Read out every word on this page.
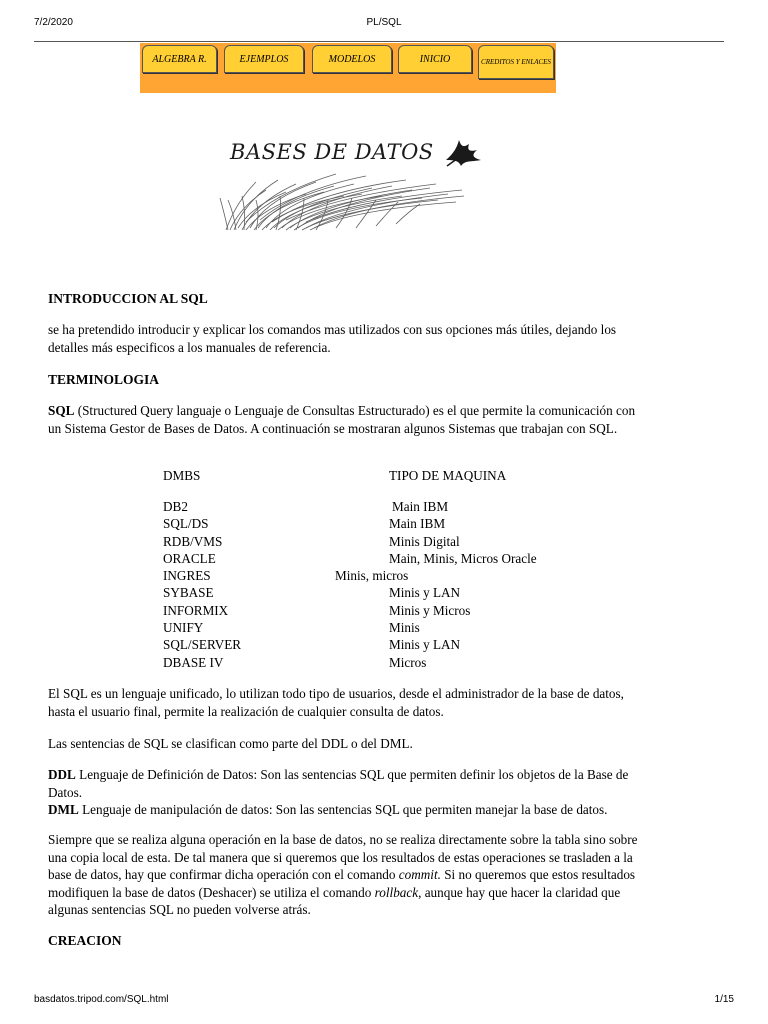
7/2/2020	PL/SQL
ALGEBRA R.	EJEMPLOS	MODELOS	INICIO	CREDITOS Y ENLACES
BASES DE DATOS
INTRODUCCION AL SQL

se ha pretendido introducir y explicar los comandos mas utilizados con sus opciones más útiles, dejando los detalles más especificos a los manuales de referencia.

TERMINOLOGIA

SQL (Structured Query languaje o Lenguaje de Consultas Estructurado) es el que permite la comunicación con un Sistema Gestor de Bases de Datos. A continuación se mostraran algunos Sistemas que trabajan con SQL.

DMBS	TIPO DE MAQUINA
DB2	Main IBM
SQL/DS	Main IBM
RDB/VMS	Minis Digital
ORACLE	Main, Minis, Micros Oracle
INGRES	Minis, micros
SYBASE	Minis y LAN
INFORMIX	Minis y Micros
UNIFY	Minis
SQL/SERVER	Minis y LAN
DBASE IV	Micros

El SQL es un lenguaje unificado, lo utilizan todo tipo de usuarios, desde el administrador de la base de datos, hasta el usuario final, permite la realización de cualquier consulta de datos.

Las sentencias de SQL se clasifican como parte del DDL o del DML.

DDL Lenguaje de Definición de Datos: Son las sentencias SQL que permiten definir los objetos de la Base de Datos.
DML Lenguaje de manipulación de datos: Son las sentencias SQL que permiten manejar la base de datos.

Siempre que se realiza alguna operación en la base de datos, no se realiza directamente sobre la tabla sino sobre una copia local de esta. De tal manera que si queremos que los resultados de estas operaciones se trasladen a la base de datos, hay que confirmar dicha operación con el comando commit. Si no queremos que estos resultados modifiquen la base de datos (Deshacer) se utiliza el comando rollback, aunque hay que hacer la claridad que algunas sentencias SQL no pueden volverse atrás.

CREACION
basdatos.tripod.com/SQL.html	1/15
